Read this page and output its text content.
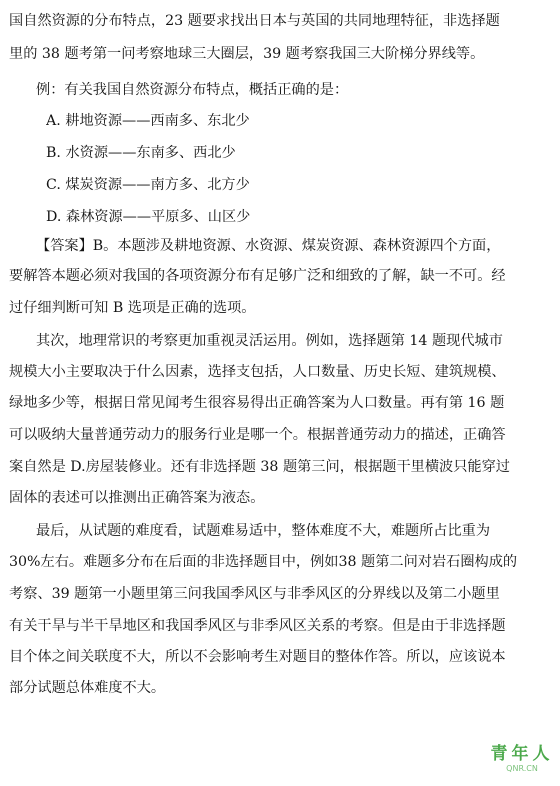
国自然资源的分布特点，23 题要求找出日本与英国的共同地理特征，非选择题
里的 38 题考第一问考察地球三大圈层，39 题考察我国三大阶梯分界线等。
例：有关我国自然资源分布特点，概括正确的是：
A. 耕地资源——西南多、东北少
B. 水资源——东南多、西北少
C. 煤炭资源——南方多、北方少
D. 森林资源——平原多、山区少
【答案】B。本题涉及耕地资源、水资源、煤炭资源、森林资源四个方面，
要解答本题必须对我国的各项资源分布有足够广泛和细致的了解，缺一不可。经
过仔细判断可知 B 选项是正确的选项。
其次，地理常识的考察更加重视灵活运用。例如，选择题第 14 题现代城市
规模大小主要取决于什么因素，选择支包括，人口数量、历史长短、建筑规模、
绿地多少等，根据日常见闻考生很容易得出正确答案为人口数量。再有第 16 题
可以吸纳大量普通劳动力的服务行业是哪一个。根据普通劳动力的描述，正确答
案自然是 D.房屋装修业。还有非选择题 38 题第三问，根据题干里横波只能穿过
固体的表述可以推测出正确答案为液态。
最后，从试题的难度看，试题难易适中，整体难度不大，难题所占比重为
30%左右。难题多分布在后面的非选择题目中，例如38 题第二问对岩石圈构成的
考察、39 题第一小题里第三问我国季风区与非季风区的分界线以及第二小题里
有关干旱与半干旱地区和我国季风区与非季风区关系的考察。但是由于非选择题
目个体之间关联度不大，所以不会影响考生对题目的整体作答。所以，应该说本
部分试题总体难度不大。
青年人
QNR.CN
